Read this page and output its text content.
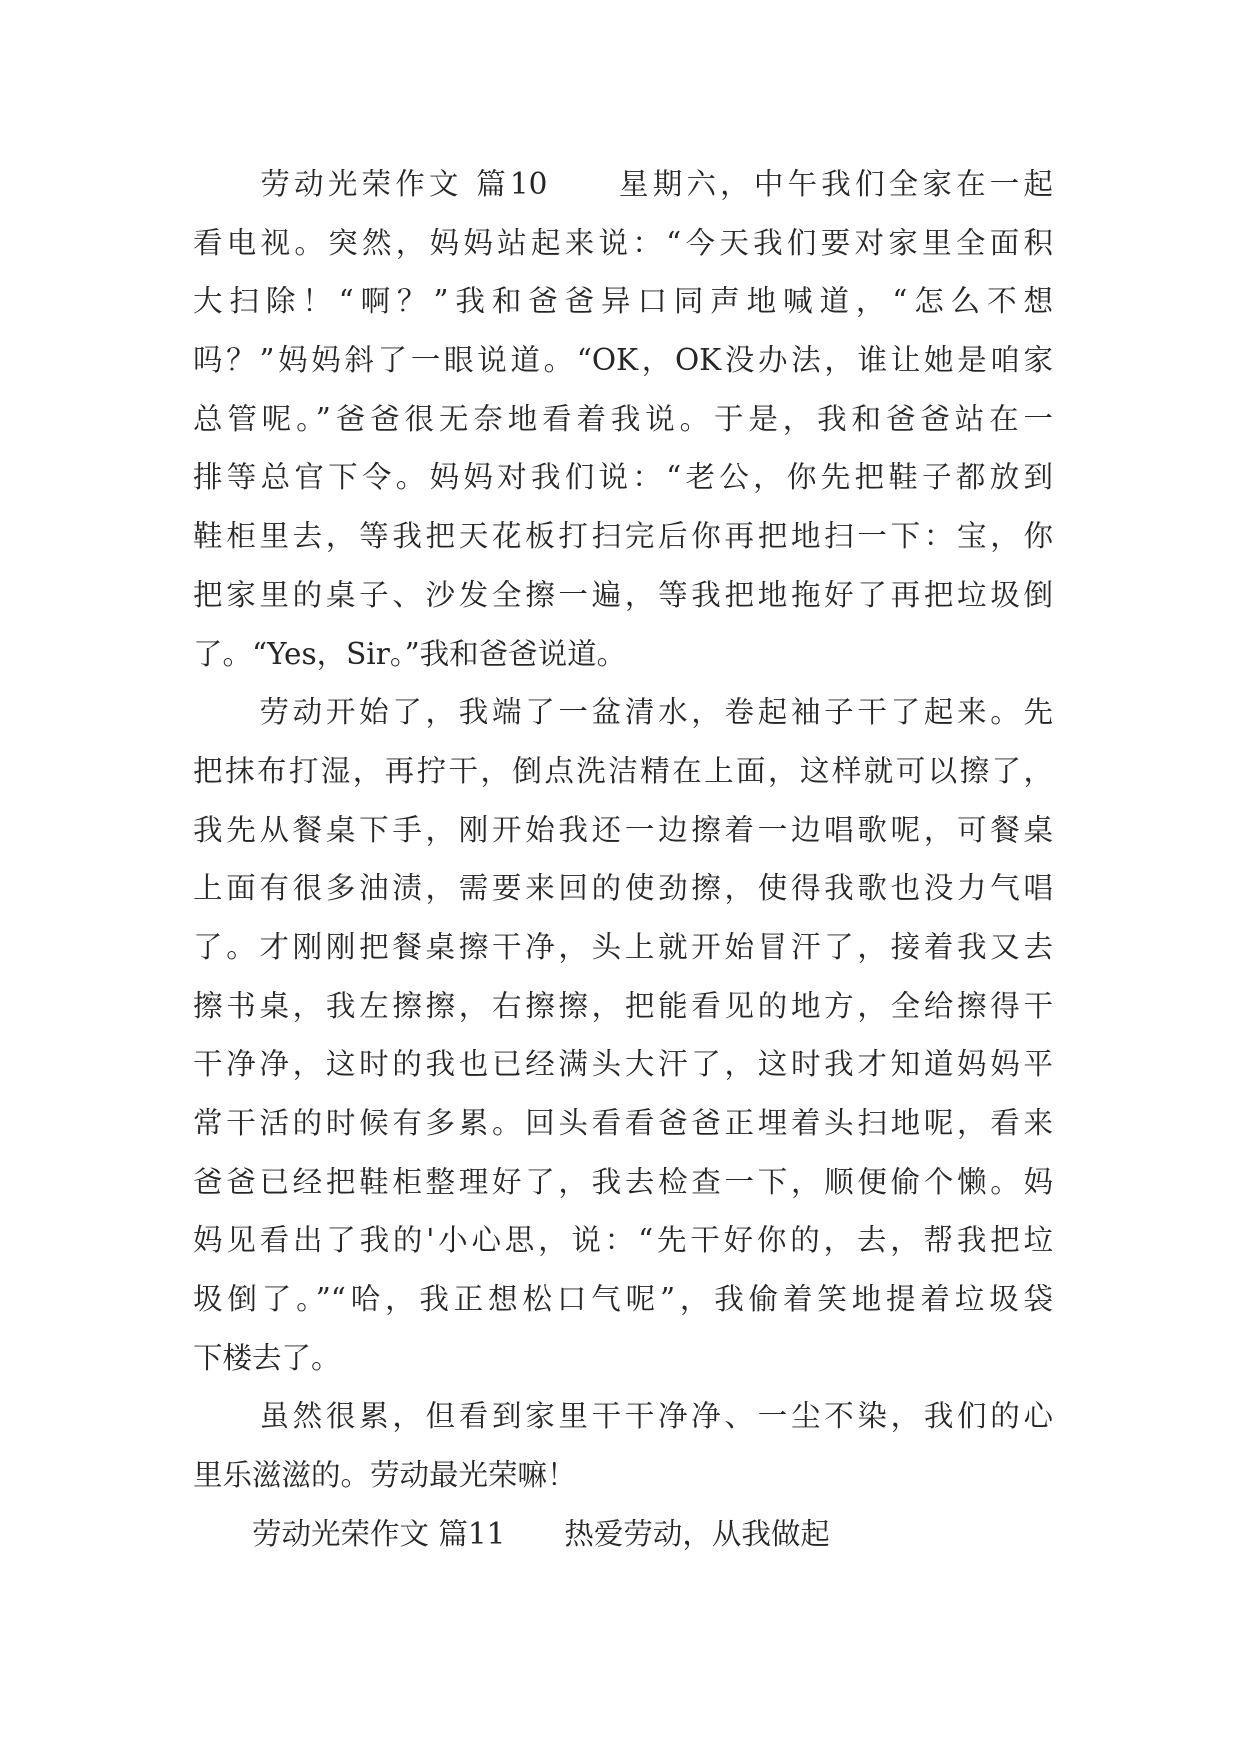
　　劳动光荣作文 篇10　　星期六，中午我们全家在一起
看电视。突然，妈妈站起来说：“今天我们要对家里全面积
大扫除！“啊？”我和爸爸异口同声地喊道，“怎么不想
吗？”妈妈斜了一眼说道。“OK，OK没办法，谁让她是咱家
总管呢。”爸爸很无奈地看着我说。于是，我和爸爸站在一
排等总官下令。妈妈对我们说：“老公，你先把鞋子都放到
鞋柜里去，等我把天花板打扫完后你再把地扫一下：宝，你
把家里的桌子、沙发全擦一遍，等我把地拖好了再把垃圾倒
了。“Yes，Sir。”我和爸爸说道。
　　劳动开始了，我端了一盆清水，卷起袖子干了起来。先
把抹布打湿，再拧干，倒点洗洁精在上面，这样就可以擦了，
我先从餐桌下手，刚开始我还一边擦着一边唱歌呢，可餐桌
上面有很多油渍，需要来回的使劲擦，使得我歌也没力气唱
了。才刚刚把餐桌擦干净，头上就开始冒汗了，接着我又去
擦书桌，我左擦擦，右擦擦，把能看见的地方，全给擦得干
干净净，这时的我也已经满头大汗了，这时我才知道妈妈平
常干活的时候有多累。回头看看爸爸正埋着头扫地呢，看来
爸爸已经把鞋柜整理好了，我去检查一下，顺便偷个懒。妈
妈见看出了我的'小心思，说：“先干好你的，去，帮我把垃
圾倒了。”“哈，我正想松口气呢”，我偷着笑地提着垃圾袋
下楼去了。
　　虽然很累，但看到家里干干净净、一尘不染，我们的心
里乐滋滋的。劳动最光荣嘛！
　　劳动光荣作文 篇11　　热爱劳动，从我做起
